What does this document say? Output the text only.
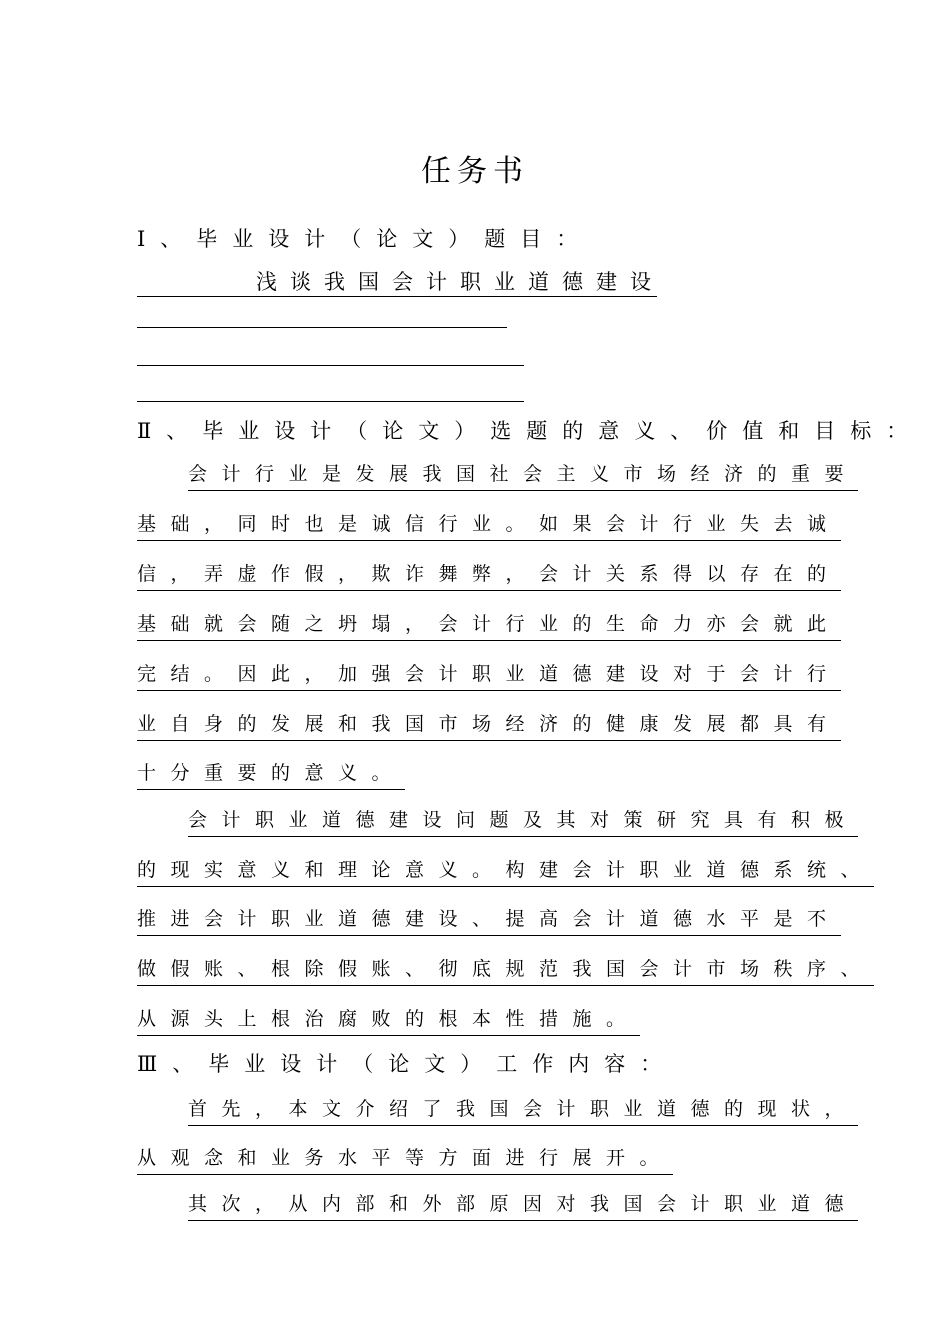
任务书
Ⅰ、毕业设计（论文）题目：
浅谈我国会计职业道德建设
Ⅱ、毕业设计（论文）选题的意义、价值和目标：
会计行业是发展我国社会主义市场经济的重要
基础，同时也是诚信行业。如果会计行业失去诚
信，弄虚作假，欺诈舞弊，会计关系得以存在的
基础就会随之坍塌，会计行业的生命力亦会就此
完结。因此，加强会计职业道德建设对于会计行
业自身的发展和我国市场经济的健康发展都具有
十分重要的意义。
会计职业道德建设问题及其对策研究具有积极
的现实意义和理论意义。构建会计职业道德系统、
推进会计职业道德建设、提高会计道德水平是不
做假账、根除假账、彻底规范我国会计市场秩序、
从源头上根治腐败的根本性措施。
Ⅲ、毕业设计（论文）工作内容：
首先，本文介绍了我国会计职业道德的现状，
从观念和业务水平等方面进行展开。
其次，从内部和外部原因对我国会计职业道德
